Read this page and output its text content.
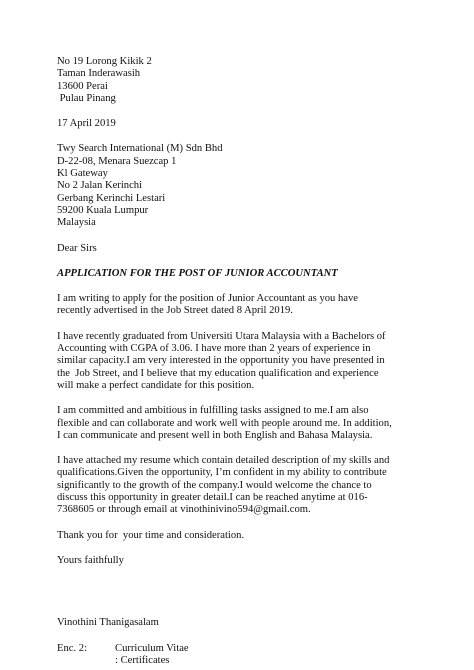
No 19 Lorong Kikik 2
Taman Inderawasih
13600 Perai
Pulau Pinang
17 April 2019
Twy Search International (M) Sdn Bhd
D-22-08, Menara Suezcap 1
Kl Gateway
No 2 Jalan Kerinchi
Gerbang Kerinchi Lestari
59200 Kuala Lumpur
Malaysia
Dear Sirs
APPLICATION FOR THE POST OF JUNIOR ACCOUNTANT
I am writing to apply for the position of Junior Accountant as you have
recently advertised in the Job Street dated 8 April 2019.
I have recently graduated from Universiti Utara Malaysia with a Bachelors of
Accounting with CGPA of 3.06. I have more than 2 years of experience in
similar capacity.I am very interested in the opportunity you have presented in
the  Job Street, and I believe that my education qualification and experience
will make a perfect candidate for this position.
I am committed and ambitious in fulfilling tasks assigned to me.I am also
flexible and can collaborate and work well with people around me. In addition,
I can communicate and present well in both English and Bahasa Malaysia.
I have attached my resume which contain detailed description of my skills and
qualifications.Given the opportunity, I’m confident in my ability to contribute
significantly to the growth of the company.I would welcome the chance to
discuss this opportunity in greater detail.I can be reached anytime at 016-
7368605 or through email at vinothinivino594@gmail.com.
Thank you for  your time and consideration.
Yours faithfully
Vinothini Thanigasalam
Enc. 2:	Curriculum Vitae
: Certificates
